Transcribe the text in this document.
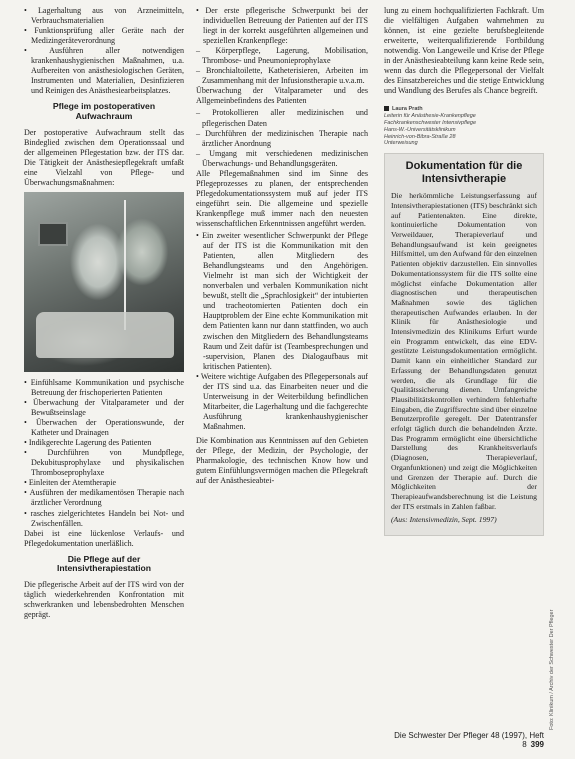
• Lagerhaltung aus von Arzneimitteln, Verbrauchsmaterialien

• Funktionsprüfung aller Geräte nach der Medizingeräteverordnung

• Ausführen aller notwendigen krankenhaushygienischen Maßnahmen, u.a. Aufbereiten von anästhesiologischen Geräten, Instrumenten und Materialien, Desinfizieren und Reinigen des Anästhesiearbeitsplatzes.

Pflege im postoperativen
Aufwachraum

Der postoperative Aufwachraum stellt das Bindeglied zwischen dem Operationssaal und der allgemeinen Pflegestation bzw. der ITS dar. Die Tätigkeit der Anästhesiepflegekraft umfaßt eine Vielzahl von Pflege- und Überwachungsmaßnahmen:

• Einfühlsame Kommunikation und psychische Betreuung der frischoperierten Patienten

• Überwachung der Vitalparameter und der Bewußtseinslage

• Überwachen der Operationswunde, der Katheter und Drainagen

• Indikgerechte Lagerung des Patienten

• Durchführen von Mundpflege, Dekubitusprophylaxe und physikalischen Thromboseprophylaxe

• Einleiten der Atemtherapie

• Ausführen der medikamentösen Therapie nach ärztlicher Verordnung

• rasches zielgerichtetes Handeln bei Not- und Zwischenfällen.

Dabei ist eine lückenlose Verlaufs- und Pflegedokumentation unerläßlich.

Die Pflege auf der
Intensivtherapiestation

Die pflegerische Arbeit auf der ITS wird von der täglich wiederkehrenden Konfrontation mit schwerkranken und lebensbedrohten Menschen geprägt.

• Der erste pflegerische Schwerpunkt bei der individuellen Betreuung der Patienten auf der ITS liegt in der korrekt ausgeführten allgemeinen und speziellen Krankenpflege:

– Körperpflege, Lagerung, Mobilisation, Thrombose- und Pneumonieprophylaxe

– Bronchialtoilette, Katheterisieren, Arbeiten im Zusammenhang mit der Infusionstherapie u.v.a.m.

Überwachung der Vitalparameter und des Allgemeinbefindens des Patienten

– Protokollieren aller medizinischen und pflegerischen Daten

– Durchführen der medizinischen Therapie nach ärztlicher Anordnung

– Umgang mit verschiedenen medizinischen Überwachungs- und Behandlungsgeräten.

Alle Pflegemaßnahmen sind im Sinne des Pflegeprozesses zu planen, der entsprechenden Pflegedokumentationssystem muß auf jeder ITS eingeführt sein. Die allgemeine und spezielle Krankenpflege muß immer nach den neuesten wissenschaftlichen Erkenntnissen angeführt werden.

• Ein zweiter wesentlicher Schwerpunkt der Pflege auf der ITS ist die Kommunikation mit den Patienten, allen Mitgliedern des Behandlungsteams und den Angehörigen. Vielmehr ist man sich der Wichtigkeit der nonverbalen und verbalen Kommunikation nicht bewußt, stellt die „Sprachlosigkeit“ der intubierten und tracheotomierten Patienten doch ein Hauptproblem der Eine echte Kommunikation mit dem Patienten kann nur dann stattfinden, wo auch zwischen den Mitgliedern des Behandlungsteams Raum und Zeit dafür ist (Teambesprechungen und -supervision, Planen des Dialogaufbaus mit kritischen Patienten).

• Weitere wichtige Aufgaben des Pflegepersonals auf der ITS sind u.a. das Einarbeiten neuer und die Unterweisung in der Weiterbildung befindlichen Mitarbeiter, die Lagerhaltung und die fachgerechte Ausführung krankenhaushygienischer Maßnahmen.

Die Kombination aus Kenntnissen auf den Gebieten der Pflege, der Medizin, der Psychologie, der Pharmakologie, des technischen Know how und gutem Einfühlungsvermögen machen die Pflegekraft auf der Anästhesieabtei-

lung zu einem hochqualifizierten Fachkraft. Um die vielfältigen Aufgaben wahrnehmen zu können, ist eine gezielte berufsbegleitende erweiterte, weiterqualifizierende Fortbildung notwendig. Von Langeweile und Krise der Pflege in der Anästhesieabteilung kann keine Rede sein, wenn das durch die Pflegepersonal der Vielfalt des Einsatzbereiches und die stetige Entwicklung und Wandlung des Berufes als Chance begreift.

Laura Prath
Leiterin für Anästhesie-Krankenpflege
Fachkrankenschwester Intensivpflege
Hans-W.-Universitätsklinikum
Heinrich-von-Bibra-Straße 28
Unterweisung
Dokumentation für die
Intensivtherapie

Die herkömmliche Leistungserfassung auf Intensivtherapiestationen (ITS) beschränkt sich auf Patientenakten. Eine direkte, kontinuierliche Dokumentation von Verweildauer, Therapieverlauf und Behandlungsaufwand ist kein geeignetes Hilfsmittel, um den Aufwand für den einzelnen Patienten objektiv darzustellen. Ein sinnvolles Dokumentationssystem für die ITS sollte eine möglichst einfache Dokumentation aller diagnostischen und therapeutischen Maßnahmen sowie des täglichen therapeutischen Aufwandes erlauben. In der Klinik für Anästhesiologie und Intensivmedizin des Klinikums Erfurt wurde ein Programm entwickelt, das eine EDV-gestützte Leistungsdokumentation ermöglicht. Damit kann ein einheitlicher Standard zur Erfassung der Behandlungsdaten genutzt werden, die als Grundlage für die Qualitätssicherung dienen. Umfangreiche Plausibilitätskontrollen verhindern fehlerhafte Eingaben, die Zugriffsrechte sind über einzelne Benutzerprofile geregelt. Der Datentransfer erfolgt täglich durch die behandelnden Ärzte. Das Programm ermöglicht eine übersichtliche Darstellung des Krankheitsverlaufs (Diagnosen, Therapieverlauf, Organfunktionen) und zeigt die Möglichkeiten und Grenzen der Therapie auf. Durch die Möglichkeiten der Therapieaufwandsberechnung ist die Leistung der ITS erstmals in Zahlen faßbar.

(Aus: Intensivmedizin, Sept. 1997)

Foto: Klinikum / Archiv der Schwester Der Pfleger
Die Schwester Der Pfleger 48 (1997), Heft 8 399
